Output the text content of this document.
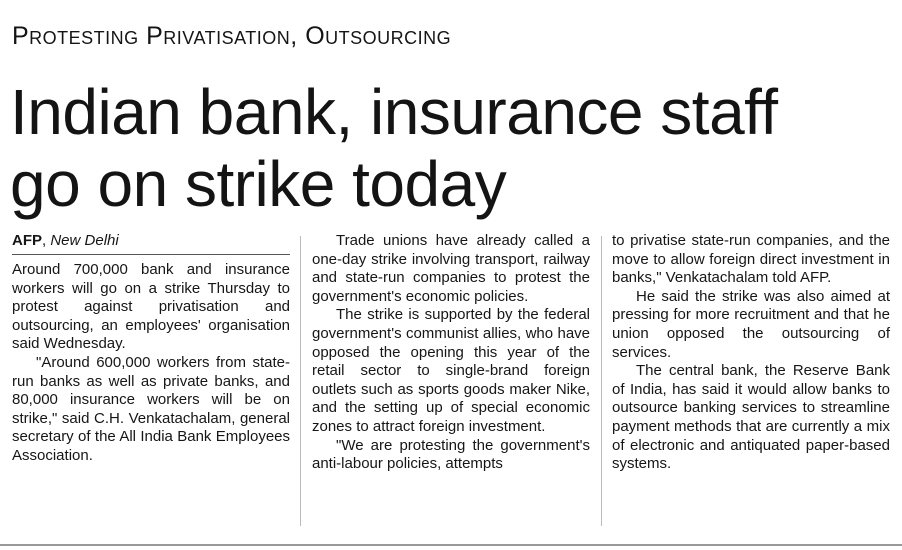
Protesting Privatisation, Outsourcing
Indian bank, insurance staff
go on strike today
AFP, New Delhi

Around 700,000 bank and insurance workers will go on a strike Thursday to protest against privatisation and outsourcing, an employees' organisation said Wednesday.

"Around 600,000 workers from state-run banks as well as private banks, and 80,000 insurance workers will be on strike," said C.H. Venkatachalam, general secretary of the All India Bank Employees Association.

Trade unions have already called a one-day strike involving transport, railway and state-run companies to protest the government's economic policies.

The strike is supported by the federal government's communist allies, who have opposed the opening this year of the retail sector to single-brand foreign outlets such as sports goods maker Nike, and the setting up of special economic zones to attract foreign investment.

"We are protesting the government's anti-labour policies, attempts

to privatise state-run companies, and the move to allow foreign direct investment in banks," Venkatachalam told AFP.

He said the strike was also aimed at pressing for more recruitment and that he union opposed the outsourcing of services.

The central bank, the Reserve Bank of India, has said it would allow banks to outsource banking services to streamline payment methods that are currently a mix of electronic and antiquated paper-based systems.
